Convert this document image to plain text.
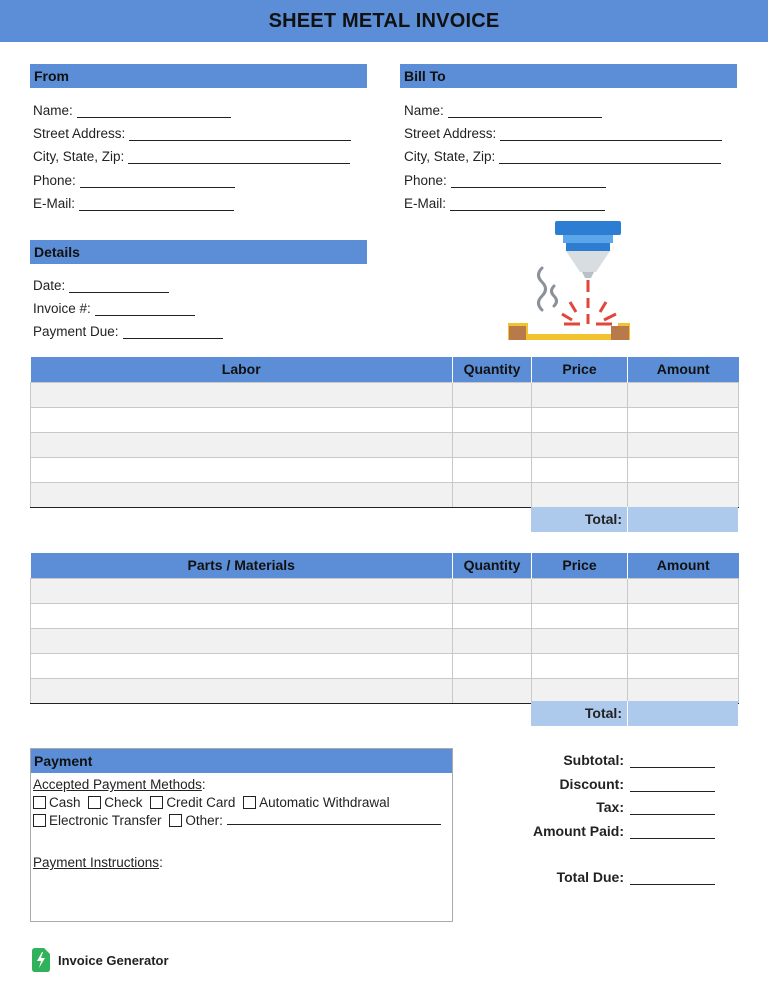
SHEET METAL INVOICE
From
Name:
Street Address:
City, State, Zip:
Phone:
E-Mail:
Bill To
Name:
Street Address:
City, State, Zip:
Phone:
E-Mail:
Details
Date:
Invoice #:
Payment Due:
Labor	Quantity	Price	Amount

Total:
Parts / Materials	Quantity	Price	Amount

Total:
Payment
Accepted Payment Methods:
Cash Check Credit Card Automatic Withdrawal
Electronic Transfer Other:
Payment Instructions:
Subtotal:
Discount:
Tax:
Amount Paid:
Total Due:
Invoice Generator
